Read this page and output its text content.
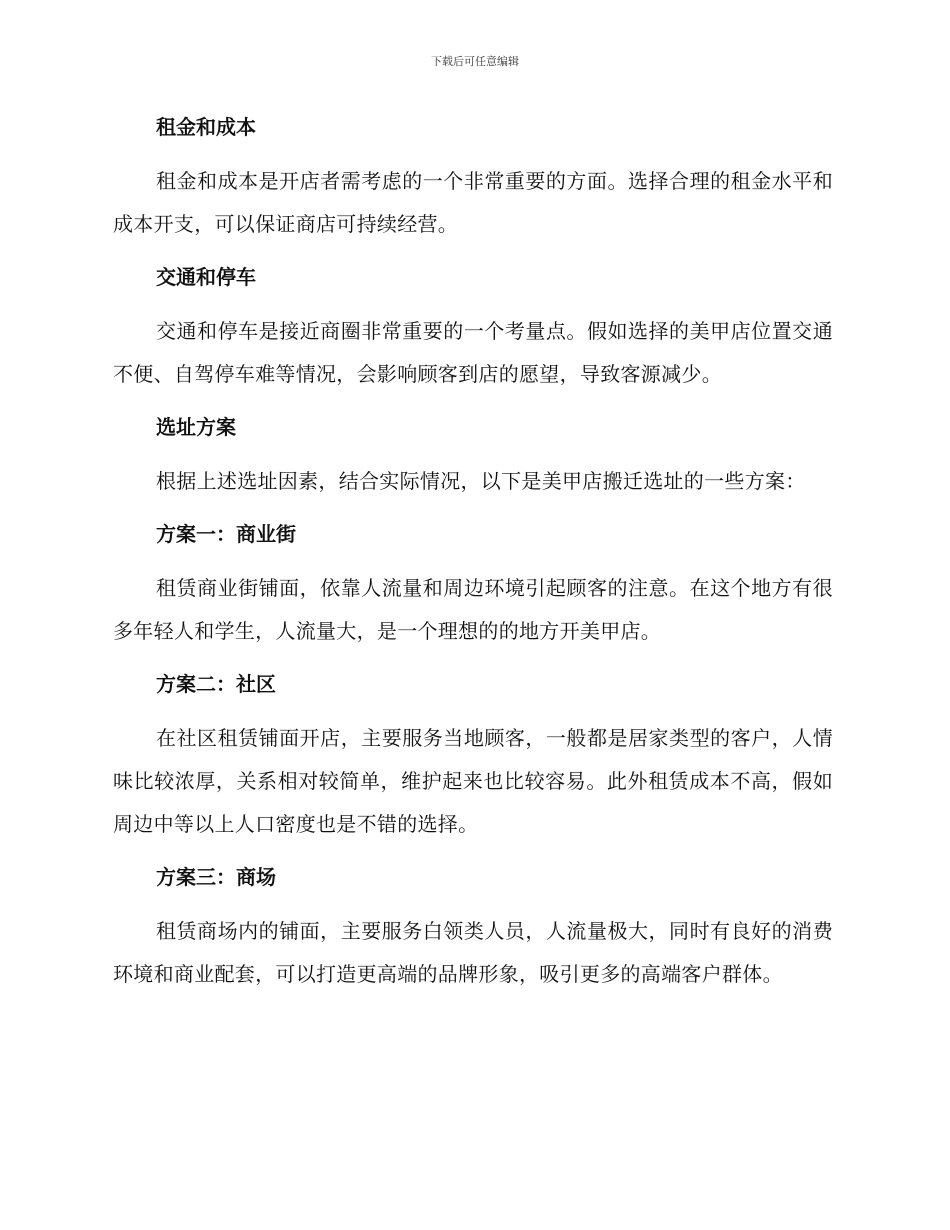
下载后可任意编辑
租金和成本

租金和成本是开店者需考虑的一个非常重要的方面。选择合理的租金水平和成本开支，可以保证商店可持续经营。

交通和停车

交通和停车是接近商圈非常重要的一个考量点。假如选择的美甲店位置交通不便、自驾停车难等情况，会影响顾客到店的愿望，导致客源减少。

选址方案

根据上述选址因素，结合实际情况，以下是美甲店搬迁选址的一些方案：

方案一：商业街

租赁商业街铺面，依靠人流量和周边环境引起顾客的注意。在这个地方有很多年轻人和学生，人流量大，是一个理想的的地方开美甲店。

方案二：社区

在社区租赁铺面开店，主要服务当地顾客，一般都是居家类型的客户，人情味比较浓厚，关系相对较简单，维护起来也比较容易。此外租赁成本不高，假如周边中等以上人口密度也是不错的选择。

方案三：商场

租赁商场内的铺面，主要服务白领类人员，人流量极大，同时有良好的消费环境和商业配套，可以打造更高端的品牌形象，吸引更多的高端客户群体。
